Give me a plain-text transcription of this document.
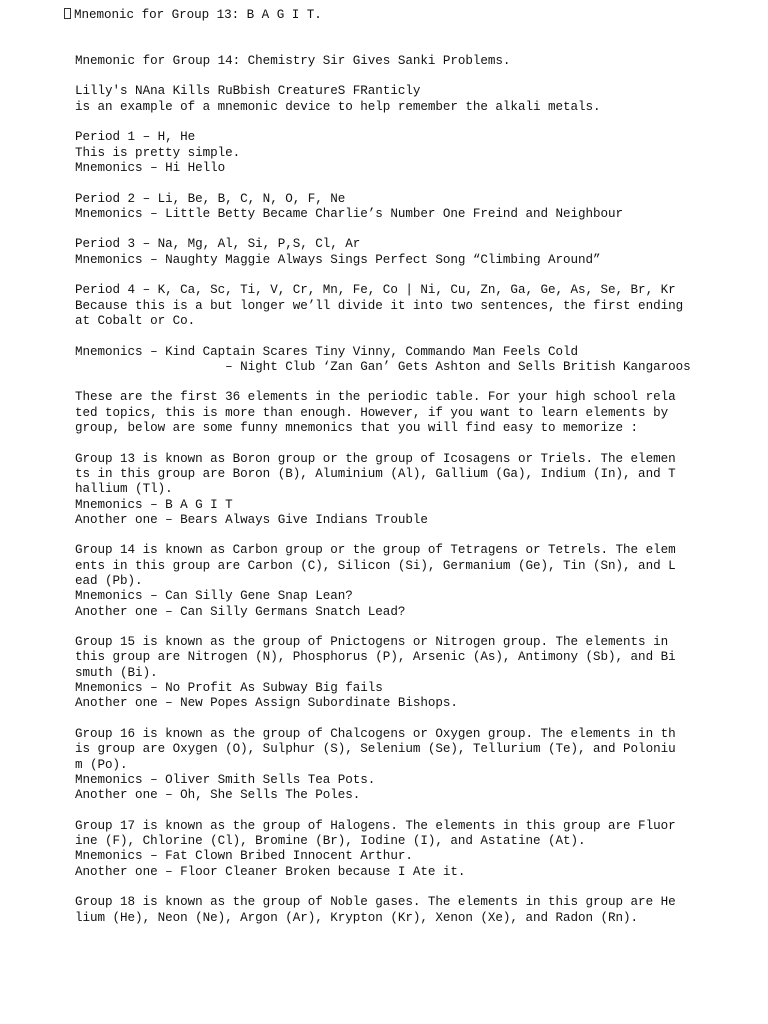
Mnemonic for Group 13: B A G I T.
Mnemonic for Group 14: Chemistry Sir Gives Sanki Problems.
Lilly's NAna Kills RuBbish CreatureS FRanticly
is an example of a mnemonic device to help remember the alkali metals.
Period 1 – H, He
This is pretty simple.
Mnemonics – Hi Hello
Period 2 – Li, Be, B, C, N, O, F, Ne
Mnemonics – Little Betty Became Charlie’s Number One Freind and Neighbour
Period 3 – Na, Mg, Al, Si, P,S, Cl, Ar
Mnemonics – Naughty Maggie Always Sings Perfect Song “Climbing Around”
Period 4 – K, Ca, Sc, Ti, V, Cr, Mn, Fe, Co | Ni, Cu, Zn, Ga, Ge, As, Se, Br, Kr
Because this is a but longer we’ll divide it into two sentences, the first ending
at Cobalt or Co.
Mnemonics – Kind Captain Scares Tiny Vinny, Commando Man Feels Cold
– Night Club ‘Zan Gan’ Gets Ashton and Sells British Kangaroos
These are the first 36 elements in the periodic table. For your high school rela
ted topics, this is more than enough. However, if you want to learn elements by
group, below are some funny mnemonics that you will find easy to memorize :
Group 13 is known as Boron group or the group of Icosagens or Triels. The elemen
ts in this group are Boron (B), Aluminium (Al), Gallium (Ga), Indium (In), and T
hallium (Tl).
Mnemonics – B A G I T
Another one – Bears Always Give Indians Trouble
Group 14 is known as Carbon group or the group of Tetragens or Tetrels. The elem
ents in this group are Carbon (C), Silicon (Si), Germanium (Ge), Tin (Sn), and L
ead (Pb).
Mnemonics – Can Silly Gene Snap Lean?
Another one – Can Silly Germans Snatch Lead?
Group 15 is known as the group of Pnictogens or Nitrogen group. The elements in
this group are Nitrogen (N), Phosphorus (P), Arsenic (As), Antimony (Sb), and Bi
smuth (Bi).
Mnemonics – No Profit As Subway Big fails
Another one – New Popes Assign Subordinate Bishops.
Group 16 is known as the group of Chalcogens or Oxygen group. The elements in th
is group are Oxygen (O), Sulphur (S), Selenium (Se), Tellurium (Te), and Poloniu
m (Po).
Mnemonics – Oliver Smith Sells Tea Pots.
Another one – Oh, She Sells The Poles.
Group 17 is known as the group of Halogens. The elements in this group are Fluor
ine (F), Chlorine (Cl), Bromine (Br), Iodine (I), and Astatine (At).
Mnemonics – Fat Clown Bribed Innocent Arthur.
Another one – Floor Cleaner Broken because I Ate it.
Group 18 is known as the group of Noble gases. The elements in this group are He
lium (He), Neon (Ne), Argon (Ar), Krypton (Kr), Xenon (Xe), and Radon (Rn).
